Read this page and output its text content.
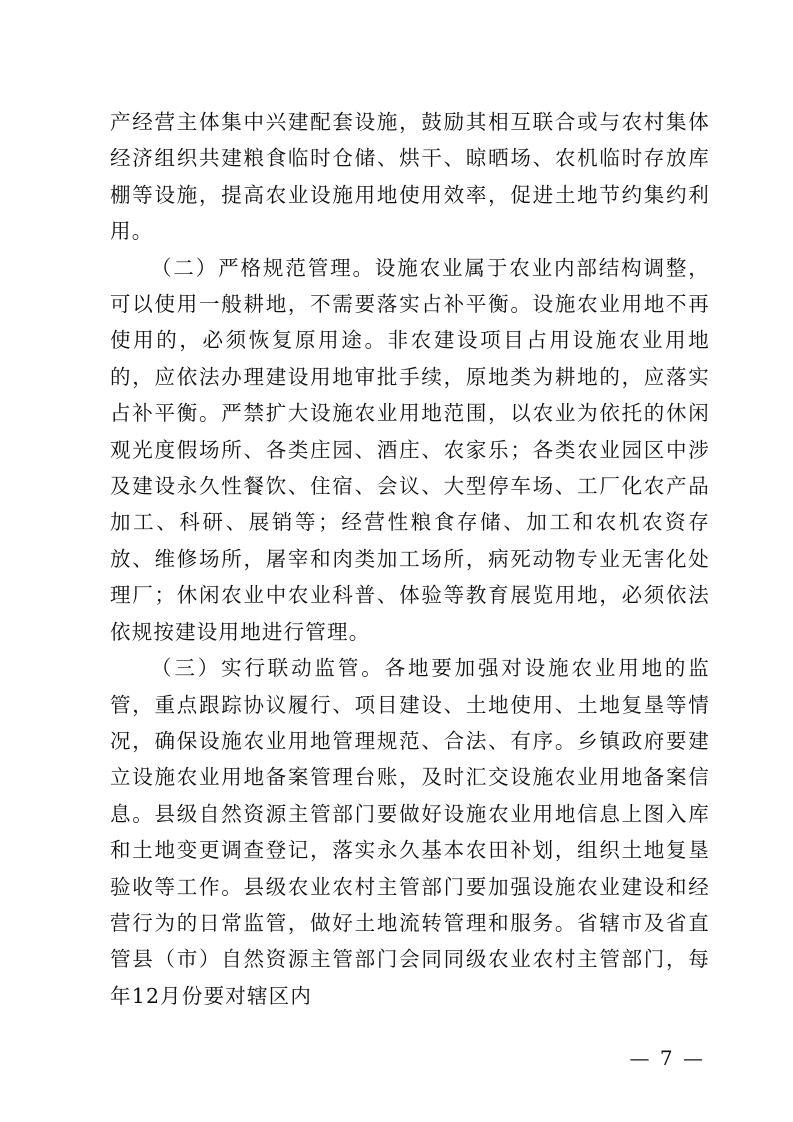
产经营主体集中兴建配套设施，鼓励其相互联合或与农村集体经济组织共建粮食临时仓储、烘干、晾晒场、农机临时存放库棚等设施，提高农业设施用地使用效率，促进土地节约集约利用。

（二）严格规范管理。设施农业属于农业内部结构调整，可以使用一般耕地，不需要落实占补平衡。设施农业用地不再使用的，必须恢复原用途。非农建设项目占用设施农业用地的，应依法办理建设用地审批手续，原地类为耕地的，应落实占补平衡。严禁扩大设施农业用地范围，以农业为依托的休闲观光度假场所、各类庄园、酒庄、农家乐；各类农业园区中涉及建设永久性餐饮、住宿、会议、大型停车场、工厂化农产品加工、科研、展销等；经营性粮食存储、加工和农机农资存放、维修场所，屠宰和肉类加工场所，病死动物专业无害化处理厂；休闲农业中农业科普、体验等教育展览用地，必须依法依规按建设用地进行管理。

（三）实行联动监管。各地要加强对设施农业用地的监管，重点跟踪协议履行、项目建设、土地使用、土地复垦等情况，确保设施农业用地管理规范、合法、有序。乡镇政府要建立设施农业用地备案管理台账，及时汇交设施农业用地备案信息。县级自然资源主管部门要做好设施农业用地信息上图入库和土地变更调查登记，落实永久基本农田补划，组织土地复垦验收等工作。县级农业农村主管部门要加强设施农业建设和经营行为的日常监管，做好土地流转管理和服务。省辖市及省直管县（市）自然资源主管部门会同同级农业农村主管部门，每年12月份要对辖区内

— 7 —
